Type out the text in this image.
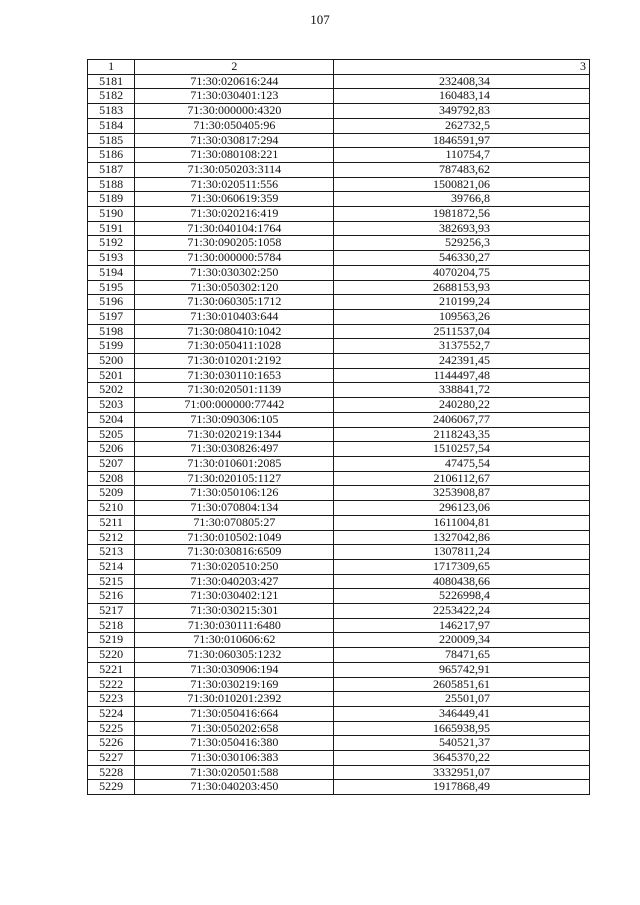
107
1	2	3
5181	71:30:020616:244	232408,34
5182	71:30:030401:123	160483,14
5183	71:30:000000:4320	349792,83
5184	71:30:050405:96	262732,5
5185	71:30:030817:294	1846591,97
5186	71:30:080108:221	110754,7
5187	71:30:050203:3114	787483,62
5188	71:30:020511:556	1500821,06
5189	71:30:060619:359	39766,8
5190	71:30:020216:419	1981872,56
5191	71:30:040104:1764	382693,93
5192	71:30:090205:1058	529256,3
5193	71:30:000000:5784	546330,27
5194	71:30:030302:250	4070204,75
5195	71:30:050302:120	2688153,93
5196	71:30:060305:1712	210199,24
5197	71:30:010403:644	109563,26
5198	71:30:080410:1042	2511537,04
5199	71:30:050411:1028	3137552,7
5200	71:30:010201:2192	242391,45
5201	71:30:030110:1653	1144497,48
5202	71:30:020501:1139	338841,72
5203	71:00:000000:77442	240280,22
5204	71:30:090306:105	2406067,77
5205	71:30:020219:1344	2118243,35
5206	71:30:030826:497	1510257,54
5207	71:30:010601:2085	47475,54
5208	71:30:020105:1127	2106112,67
5209	71:30:050106:126	3253908,87
5210	71:30:070804:134	296123,06
5211	71:30:070805:27	1611004,81
5212	71:30:010502:1049	1327042,86
5213	71:30:030816:6509	1307811,24
5214	71:30:020510:250	1717309,65
5215	71:30:040203:427	4080438,66
5216	71:30:030402:121	5226998,4
5217	71:30:030215:301	2253422,24
5218	71:30:030111:6480	146217,97
5219	71:30:010606:62	220009,34
5220	71:30:060305:1232	78471,65
5221	71:30:030906:194	965742,91
5222	71:30:030219:169	2605851,61
5223	71:30:010201:2392	25501,07
5224	71:30:050416:664	346449,41
5225	71:30:050202:658	1665938,95
5226	71:30:050416:380	540521,37
5227	71:30:030106:383	3645370,22
5228	71:30:020501:588	3332951,07
5229	71:30:040203:450	1917868,49
